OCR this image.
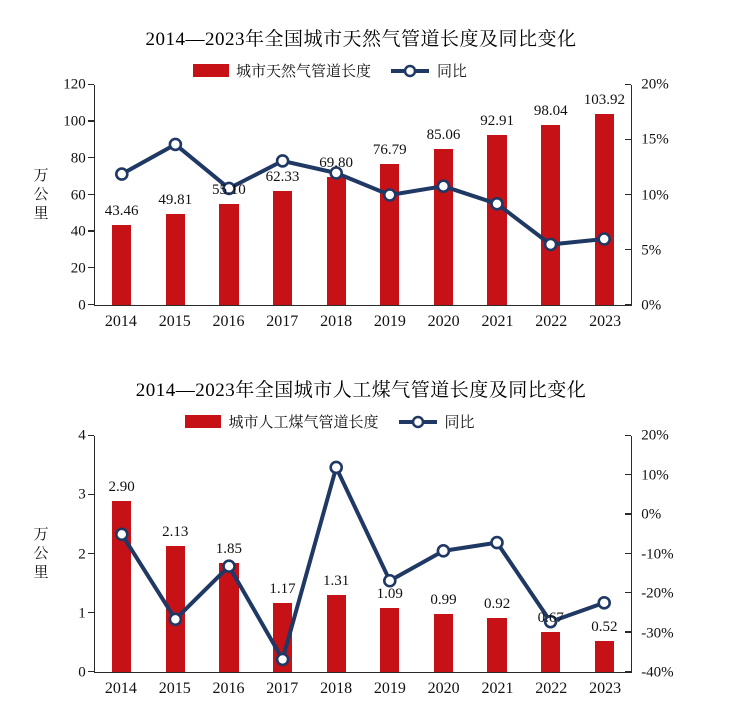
2014—2023年全国城市天然气管道长度及同比变化
城市天然气管道长度	同比
万公里
0
20
40
60
80
100
120
43.46
49.81
55.10
62.33
69.80
76.79
85.06
92.91
98.04
103.92
0%
5%
10%
15%
20%
2014	2015	2016	2017	2018	2019	2020	2021	2022	2023
2014—2023年全国城市人工煤气管道长度及同比变化
城市人工煤气管道长度	同比
万公里
0
1
2
3
4
2.90
2.13
1.85
1.17
1.31
1.09 0.99 0.92
0.67
0.52
-40%
-30%
-20%
-10%
0%
10%
20%
2014	2015	2016	2017	2018	2019	2020	2021	2022	2023
